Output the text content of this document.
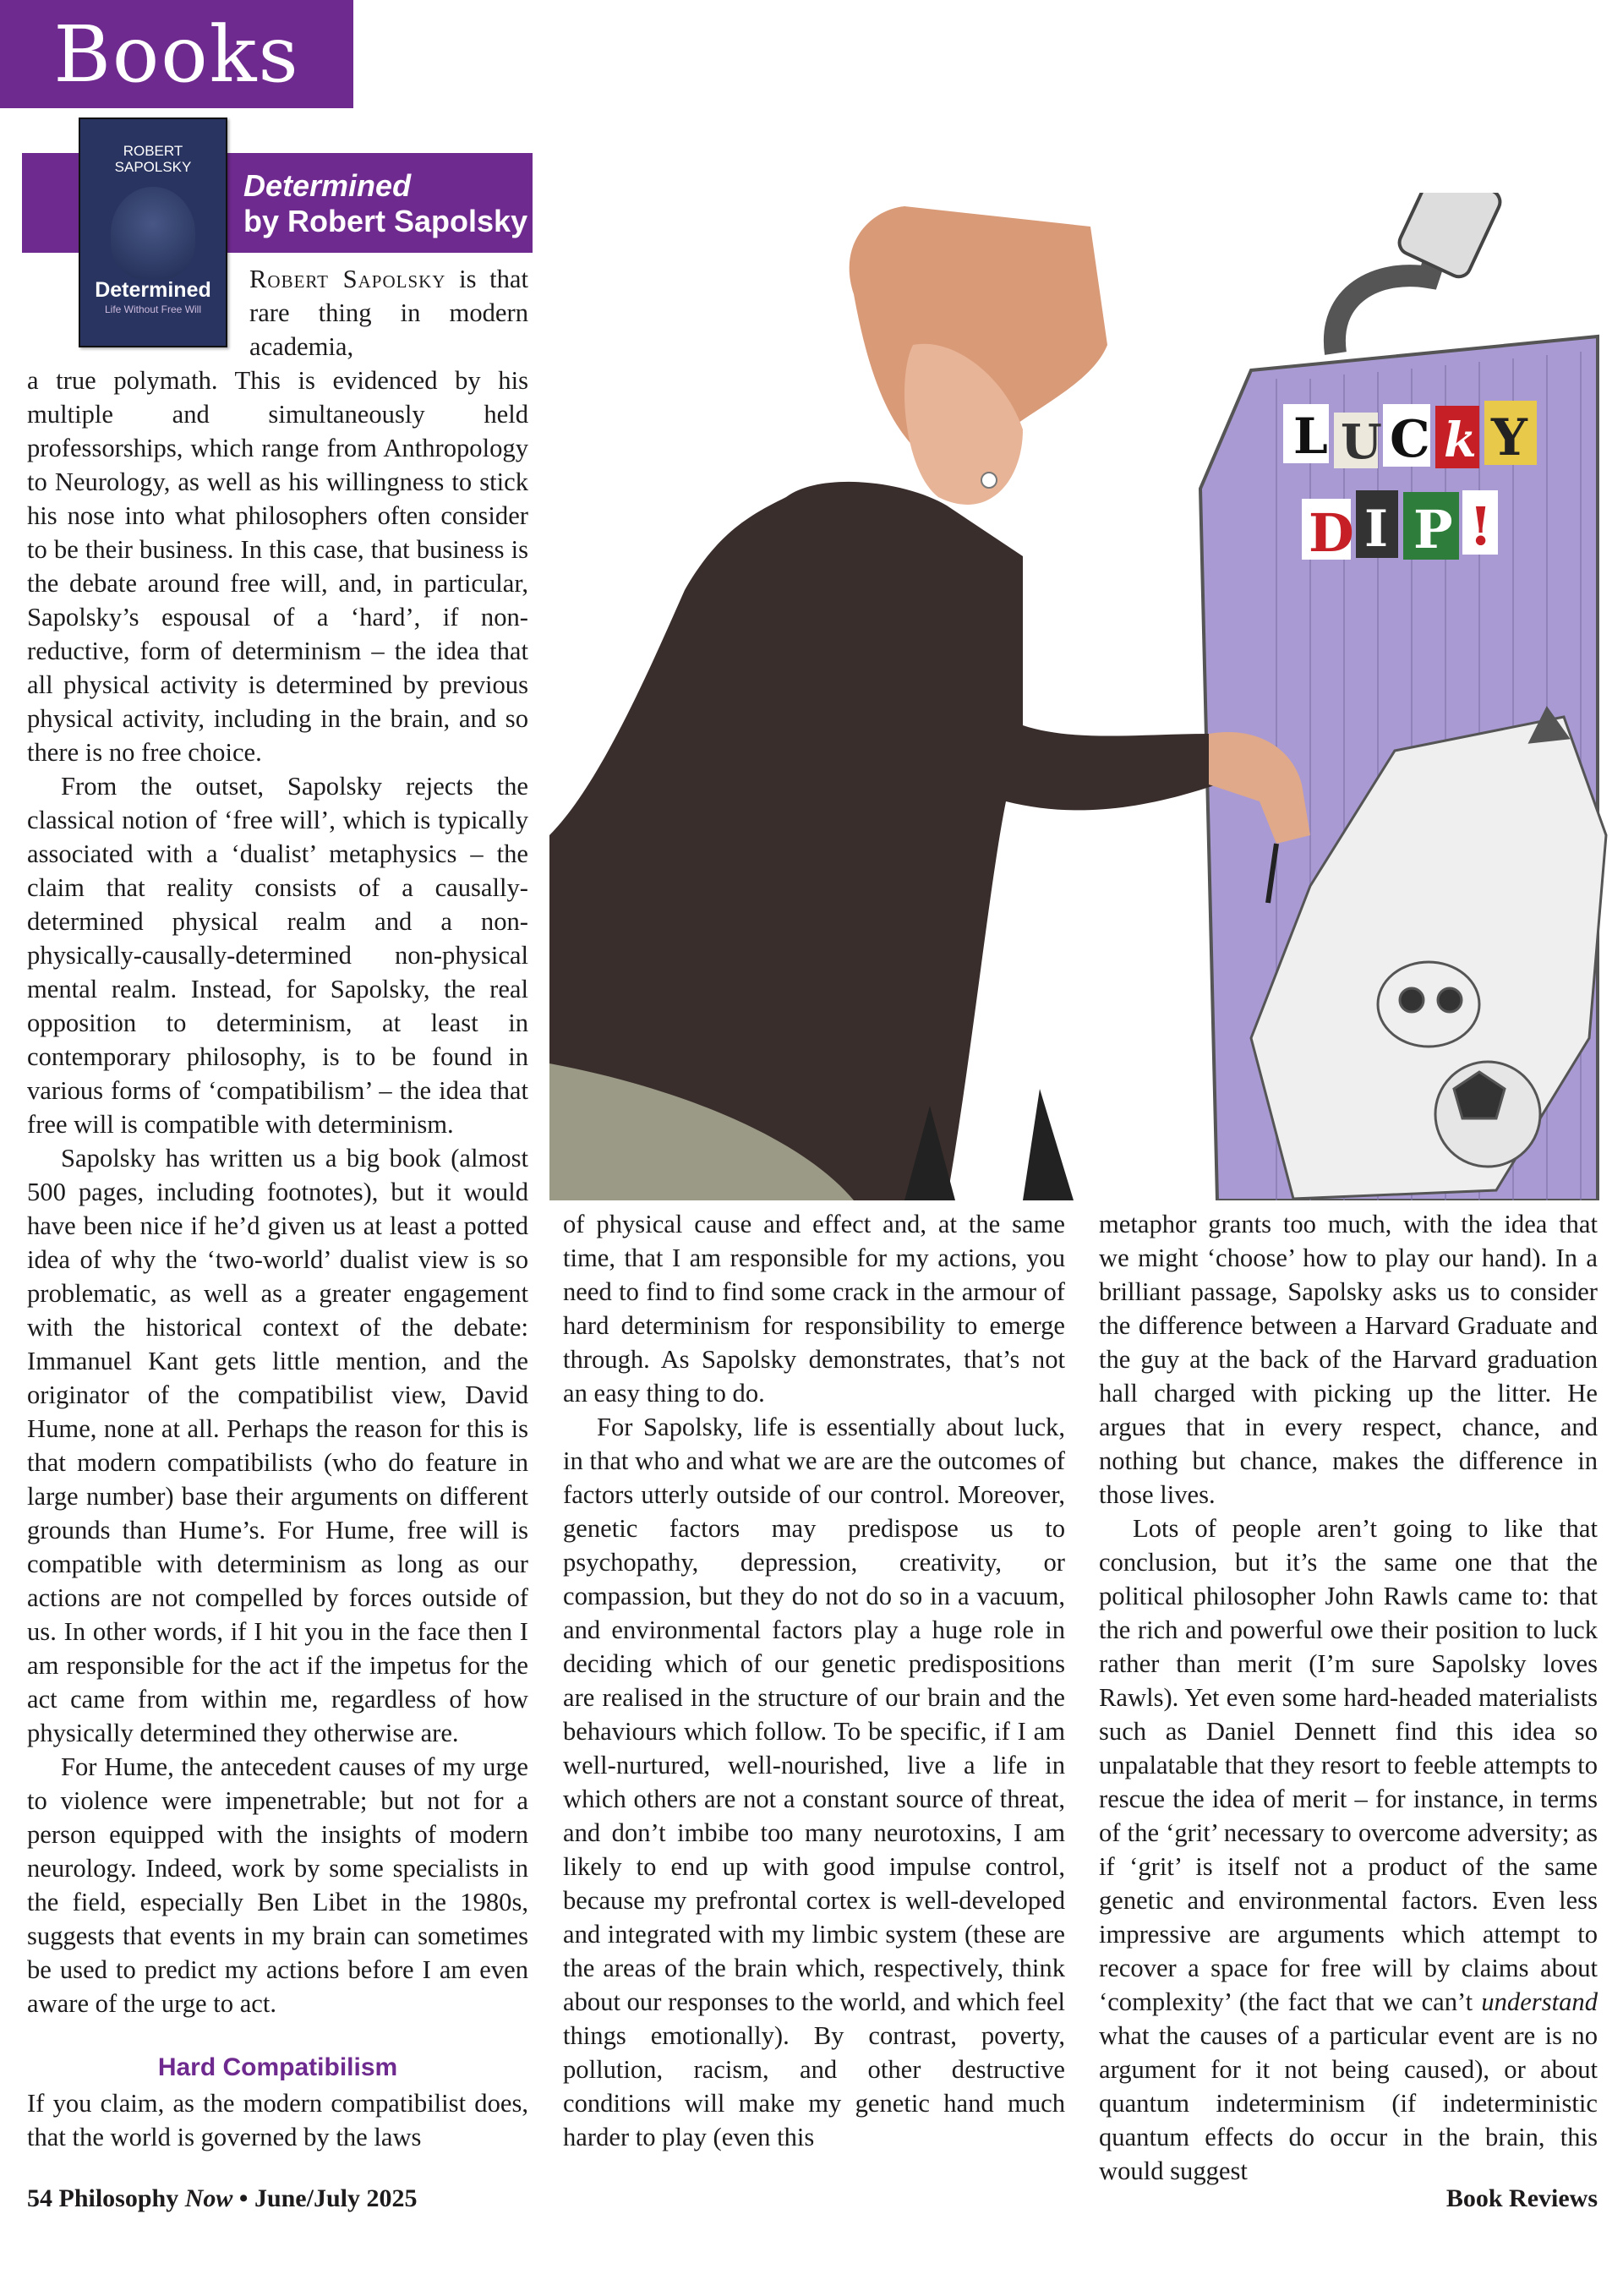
Books
Determined
by Robert Sapolsky
ROBERT
SAPOLSKY
Determined
Life Without Free Will
L U C k Y
D I P !

Robert Sapolsky is that rare thing in modern academia,

a true polymath. This is evidenced by his multiple and simultaneously held professorships, which range from Anthropology to Neurology, as well as his willingness to stick his nose into what philosophers often consider to be their business. In this case, that business is the debate around free will, and, in particular, Sapolsky’s espousal of a ‘hard’, if non-reductive, form of determinism – the idea that all physical activity is determined by previous physical activity, including in the brain, and so there is no free choice.

From the outset, Sapolsky rejects the classical notion of ‘free will’, which is typically associated with a ‘dualist’ metaphysics – the claim that reality consists of a causally-determined physical realm and a non-physically-causally-determined non-physical mental realm. Instead, for Sapolsky, the real opposition to determinism, at least in contemporary philosophy, is to be found in various forms of ‘compatibilism’ – the idea that free will is compatible with determinism.

Sapolsky has written us a big book (almost 500 pages, including footnotes), but it would have been nice if he’d given us at least a potted idea of why the ‘two-world’ dualist view is so problematic, as well as a greater engagement with the historical context of the debate: Immanuel Kant gets little mention, and the originator of the compatibilist view, David Hume, none at all. Perhaps the reason for this is that modern compatibilists (who do feature in large number) base their arguments on different grounds than Hume’s. For Hume, free will is compatible with determinism as long as our actions are not compelled by forces outside of us. In other words, if I hit you in the face then I am responsible for the act if the impetus for the act came from within me, regardless of how physically determined they otherwise are.

For Hume, the antecedent causes of my urge to violence were impenetrable; but not for a person equipped with the insights of modern neurology. Indeed, work by some specialists in the field, especially Ben Libet in the 1980s, suggests that events in my brain can sometimes be used to predict my actions before I am even aware of the urge to act.

Hard Compatibilism

If you claim, as the modern compatibilist does, that the world is governed by the laws

of physical cause and effect and, at the same time, that I am responsible for my actions, you need to find to find some crack in the armour of hard determinism for responsibility to emerge through. As Sapolsky demonstrates, that’s not an easy thing to do.

For Sapolsky, life is essentially about luck, in that who and what we are are the outcomes of factors utterly outside of our control. Moreover, genetic factors may predispose us to psychopathy, depression, creativity, or compassion, but they do not do so in a vacuum, and environmental factors play a huge role in deciding which of our genetic predispositions are realised in the structure of our brain and the behaviours which follow. To be specific, if I am well-nurtured, well-nourished, live a life in which others are not a constant source of threat, and don’t imbibe too many neurotoxins, I am likely to end up with good impulse control, because my prefrontal cortex is well-developed and integrated with my limbic system (these are the areas of the brain which, respectively, think about our responses to the world, and which feel things emotionally). By contrast, poverty, pollution, racism, and other destructive conditions will make my genetic hand much harder to play (even this

metaphor grants too much, with the idea that we might ‘choose’ how to play our hand). In a brilliant passage, Sapolsky asks us to consider the difference between a Harvard Graduate and the guy at the back of the Harvard graduation hall charged with picking up the litter. He argues that in every respect, chance, and nothing but chance, makes the difference in those lives.

Lots of people aren’t going to like that conclusion, but it’s the same one that the political philosopher John Rawls came to: that the rich and powerful owe their position to luck rather than merit (I’m sure Sapolsky loves Rawls). Yet even some hard-headed materialists such as Daniel Dennett find this idea so unpalatable that they resort to feeble attempts to rescue the idea of merit – for instance, in terms of the ‘grit’ necessary to overcome adversity; as if ‘grit’ is itself not a product of the same genetic and environmental factors. Even less impressive are arguments which attempt to recover a space for free will by claims about ‘complexity’ (the fact that we can’t understand what the causes of a particular event are is no argument for it not being caused), or about quantum indeterminism (if indeterministic quantum effects do occur in the brain, this would suggest

54 Philosophy Now • June/July 2025	Book Reviews
